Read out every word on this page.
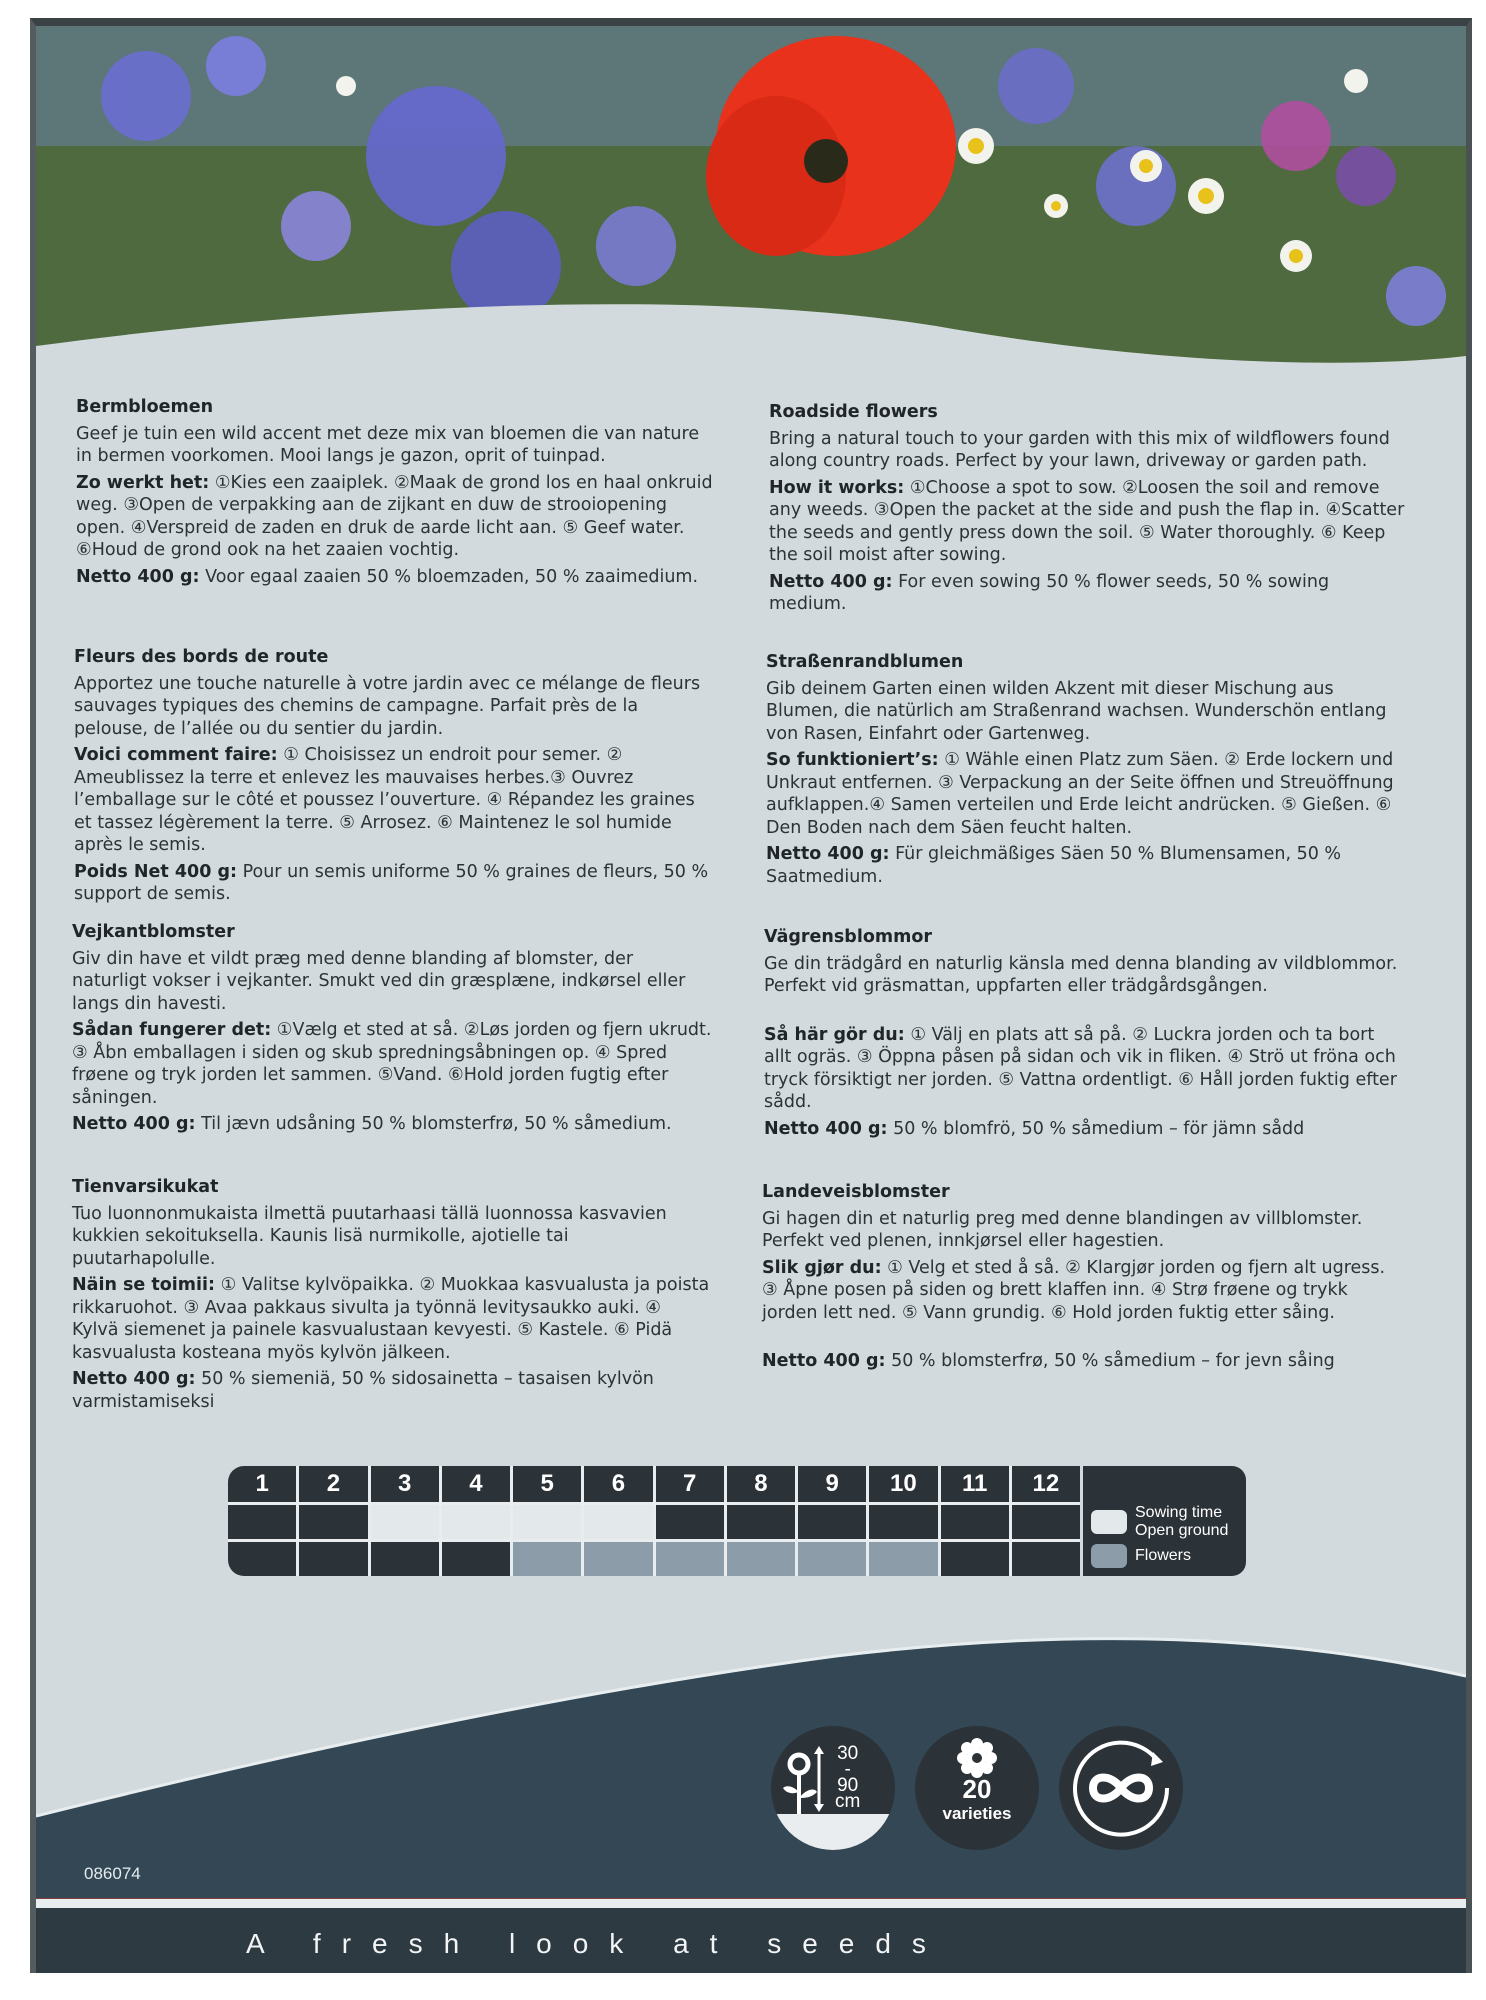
Bermbloemen

Geef je tuin een wild accent met deze mix van bloemen die van nature in bermen voorkomen. Mooi langs je gazon, oprit of tuinpad.

Zo werkt het: ①Kies een zaaiplek. ②Maak de grond los en haal onkruid weg. ③Open de verpakking aan de zijkant en duw de strooiopening open. ④Verspreid de zaden en druk de aarde licht aan. ⑤ Geef water. ⑥Houd de grond ook na het zaaien vochtig.

Netto 400 g: Voor egaal zaaien 50 % bloemzaden, 50 % zaaimedium.

Roadside flowers

Bring a natural touch to your garden with this mix of wildflowers found along country roads. Perfect by your lawn, driveway or garden path.

How it works: ①Choose a spot to sow. ②Loosen the soil and remove any weeds. ③Open the packet at the side and push the flap in. ④Scatter the seeds and gently press down the soil. ⑤ Water thoroughly. ⑥ Keep the soil moist after sowing.

Netto 400 g: For even sowing 50 % flower seeds, 50 % sowing medium.

Fleurs des bords de route

Apportez une touche naturelle à votre jardin avec ce mélange de fleurs sauvages typiques des chemins de campagne. Parfait près de la pelouse, de l’allée ou du sentier du jardin.

Voici comment faire: ① Choisissez un endroit pour semer. ② Ameublissez la terre et enlevez les mauvaises herbes.③ Ouvrez l’emballage sur le côté et poussez l’ouverture. ④ Répandez les graines et tassez légèrement la terre. ⑤ Arrosez. ⑥ Maintenez le sol humide après le semis.

Poids Net 400 g: Pour un semis uniforme 50 % graines de fleurs, 50 % support de semis.

Straßenrandblumen

Gib deinem Garten einen wilden Akzent mit dieser Mischung aus Blumen, die natürlich am Straßenrand wachsen. Wunderschön entlang von Rasen, Einfahrt oder Gartenweg.

So funktioniert’s: ① Wähle einen Platz zum Säen. ② Erde lockern und Unkraut entfernen. ③ Verpackung an der Seite öffnen und Streuöffnung aufklappen.④ Samen verteilen und Erde leicht andrücken. ⑤ Gießen. ⑥ Den Boden nach dem Säen feucht halten.

Netto 400 g: Für gleichmäßiges Säen 50 % Blumensamen, 50 % Saatmedium.

Vejkantblomster

Giv din have et vildt præg med denne blanding af blomster, der naturligt vokser i vejkanter. Smukt ved din græsplæne, indkørsel eller langs din havesti.

Sådan fungerer det: ①Vælg et sted at så. ②Løs jorden og fjern ukrudt. ③ Åbn emballagen i siden og skub spredningsåbningen op. ④ Spred frøene og tryk jorden let sammen. ⑤Vand. ⑥Hold jorden fugtig efter såningen.

Netto 400 g: Til jævn udsåning 50 % blomsterfrø, 50 % såmedium.

Vägrensblommor

Ge din trädgård en naturlig känsla med denna blanding av vildblommor. Perfekt vid gräsmattan, uppfarten eller trädgårdsgången.

Så här gör du: ① Välj en plats att så på. ② Luckra jorden och ta bort allt ogräs. ③ Öppna påsen på sidan och vik in fliken. ④ Strö ut fröna och tryck försiktigt ner jorden. ⑤ Vattna ordentligt. ⑥ Håll jorden fuktig efter sådd.

Netto 400 g: 50 % blomfrö, 50 % såmedium – för jämn sådd

Tienvarsikukat

Tuo luonnonmukaista ilmettä puutarhaasi tällä luonnossa kasvavien kukkien sekoituksella. Kaunis lisä nurmikolle, ajotielle tai puutarhapolulle.

Näin se toimii: ① Valitse kylvöpaikka. ② Muokkaa kasvualusta ja poista rikkaruohot. ③ Avaa pakkaus sivulta ja työnnä levitysaukko auki. ④ Kylvä siemenet ja painele kasvualustaan kevyesti. ⑤ Kastele. ⑥ Pidä kasvualusta kosteana myös kylvön jälkeen.

Netto 400 g: 50 % siemeniä, 50 % sidosainetta – tasaisen kylvön varmistamiseksi

Landeveisblomster

Gi hagen din et naturlig preg med denne blandingen av villblomster. Perfekt ved plenen, innkjørsel eller hagestien.

Slik gjør du: ① Velg et sted å så. ② Klargjør jorden og fjern alt ugress. ③ Åpne posen på siden og brett klaffen inn. ④ Strø frøene og trykk jorden lett ned. ⑤ Vann grundig. ⑥ Hold jorden fuktig etter såing.

Netto 400 g: 50 % blomsterfrø, 50 % såmedium – for jevn såing

1	2	3	4	5	6	7	8	9	10	11	12
Sowing time
Open ground
Flowers
30
-
90
cm	20
varieties
086074
A fresh look at seeds
